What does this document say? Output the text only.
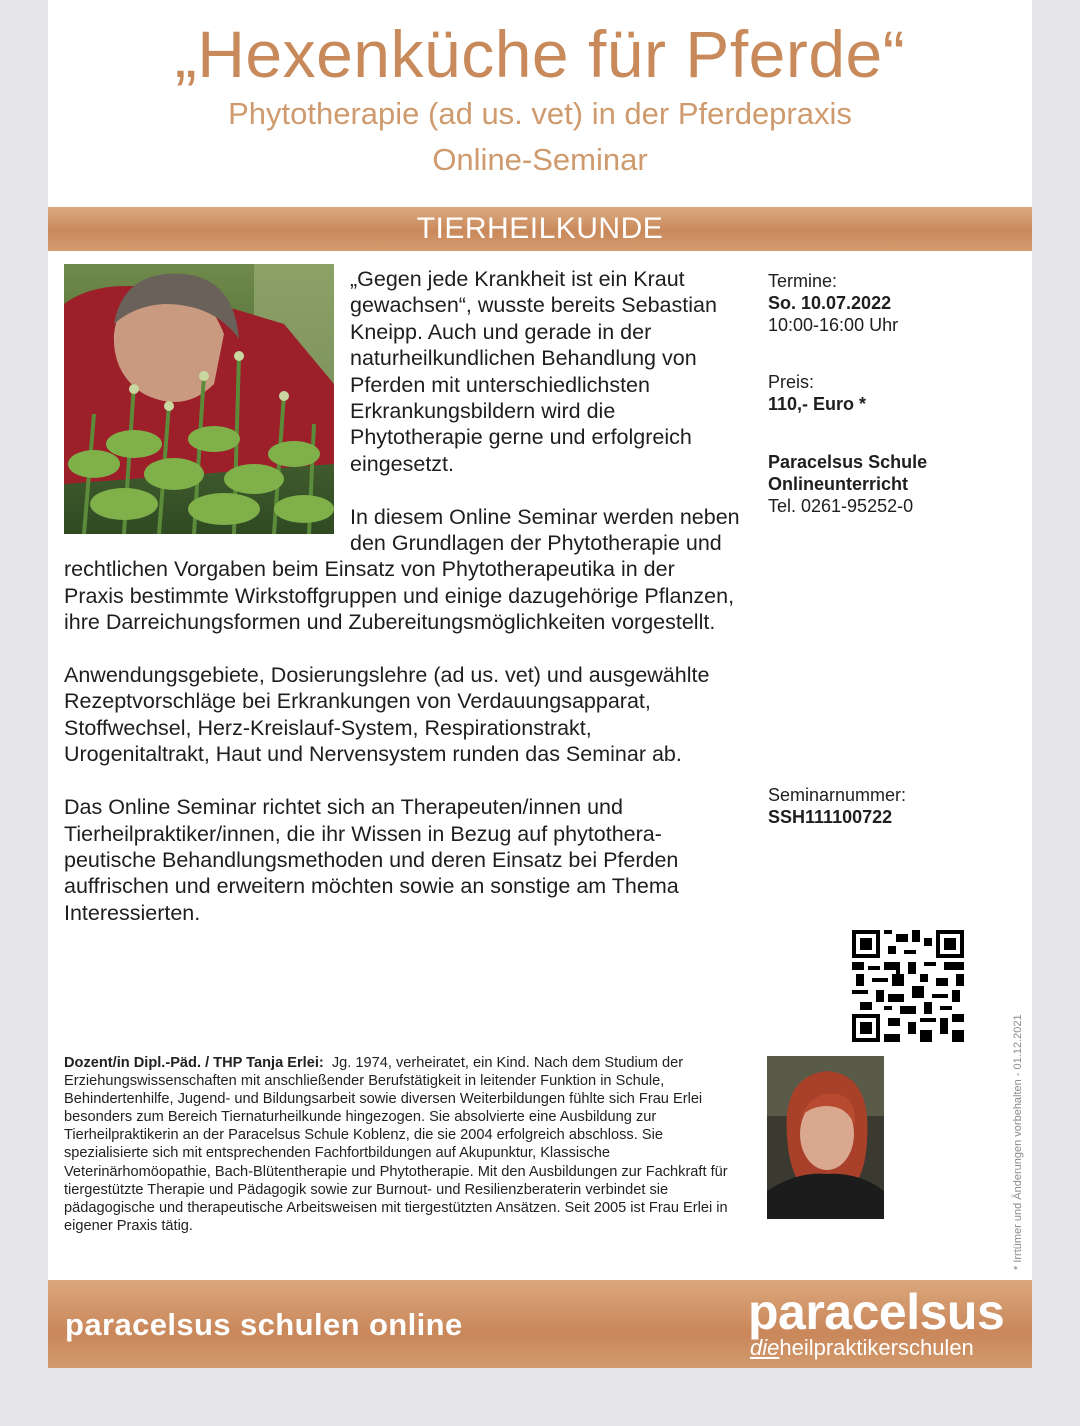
„Hexenküche für Pferde“
Phytotherapie (ad us. vet) in der Pferdepraxis
Online-Seminar
TIERHEILKUNDE

„Gegen jede Krankheit ist ein Kraut gewachsen“, wusste bereits Sebastian Kneipp. Auch und gerade in der naturheilkundlichen Behandlung von Pferden mit unterschiedlichsten Erkrankungsbildern wird die Phytotherapie gerne und erfolgreich eingesetzt.

In diesem Online Seminar werden neben den Grundlagen der Phytotherapie und rechtlichen Vorgaben beim Einsatz von Phytotherapeutika in der Praxis bestimmte Wirkstoffgruppen und einige dazugehörige Pflanzen, ihre Darreichungsformen und Zubereitungsmöglichkeiten vorgestellt.

Anwendungsgebiete, Dosierungslehre (ad us. vet) und ausgewählte Rezeptvorschläge bei Erkrankungen von Verdauungsapparat, Stoffwechsel, Herz-Kreislauf-System, Respirationstrakt, Urogenitaltrakt, Haut und Nervensystem runden das Seminar ab.

Das Online Seminar richtet sich an Therapeuten/innen und Tierheilpraktiker/innen, die ihr Wissen in Bezug auf phytotherapeutische Behandlungsmethoden und deren Einsatz bei Pferden auffrischen und erweitern möchten sowie an sonstige am Thema Interessierten.

Termine:
So. 10.07.2022
10:00-16:00 Uhr
Preis:
110,- Euro *
Paracelsus Schule
Onlineunterricht
Tel. 0261-95252-0
Seminarnummer:
SSH111100722
Dozent/in Dipl.-Päd. / THP Tanja Erlei: Jg. 1974, verheiratet, ein Kind. Nach dem Studium der Erziehungswissenschaften mit anschließender Berufstätigkeit in leitender Funktion in Schule, Behindertenhilfe, Jugend- und Bildungsarbeit sowie diversen Weiterbildungen fühlte sich Frau Erlei besonders zum Bereich Tiernaturheilkunde hingezogen. Sie absolvierte eine Ausbildung zur Tierheilpraktikerin an der Paracelsus Schule Koblenz, die sie 2004 erfolgreich abschloss. Sie spezialisierte sich mit entsprechenden Fachfortbildungen auf Akupunktur, Klassische Veterinärhomöopathie, Bach-Blütentherapie und Phytotherapie. Mit den Ausbildungen zur Fachkraft für tiergestützte Therapie und Pädagogik sowie zur Burnout- und Resilienzberaterin verbindet sie pädagogische und therapeutische Arbeitsweisen mit tiergestützten Ansätzen. Seit 2005 ist Frau Erlei in eigener Praxis tätig.
paracelsus schulen online	paracelsus
dieheilpraktikerschulen
* Irrtümer und Änderungen vorbehalten - 01.12.2021
